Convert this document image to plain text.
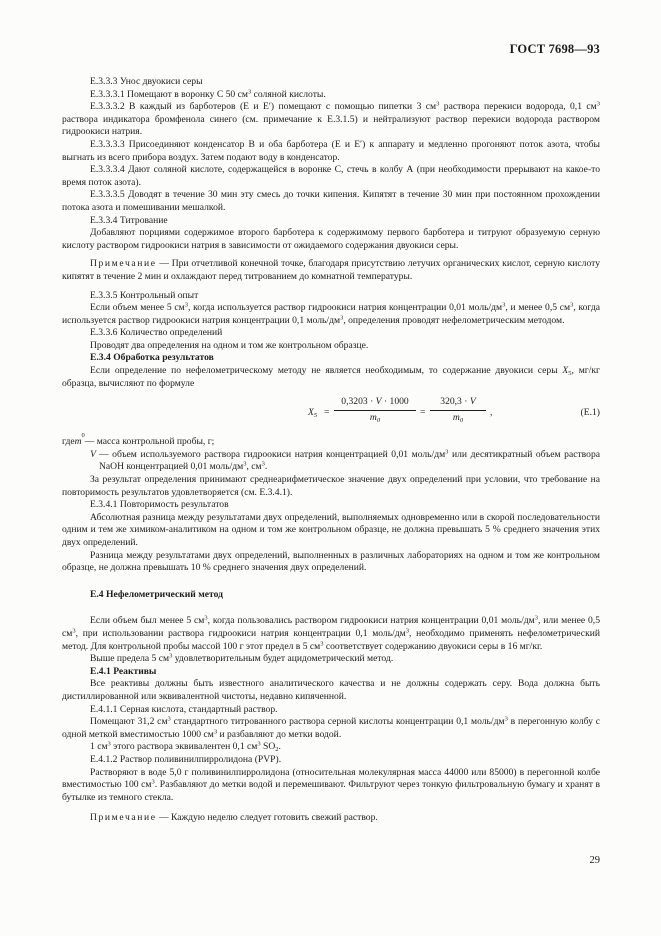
ГОСТ 7698—93

Е.3.3.3 Унос двуокиси серы

Е.3.3.3.1 Помещают в воронку С 50 $см^3$ соляной кислоты.

Е.3.3.3.2 В каждый из барботеров (Е и Е′) помещают с помощью пипетки 3 $см^3$ раствора перекиси водорода, 0,1 $см^3$ раствора индикатора бромфенола синего (см. примечание к Е.3.1.5) и нейтрализуют раствор перекиси водорода раствором гидроокиси натрия.

Е.3.3.3.3 Присоединяют конденсатор В и оба барботера (Е и Е′) к аппарату и медленно прогоняют поток азота, чтобы выгнать из всего прибора воздух. Затем подают воду в конденсатор.

Е.3.3.3.4 Дают соляной кислоте, содержащейся в воронке С, стечь в колбу А (при необходимости прерывают на какое-то время поток азота).

Е.3.3.3.5 Доводят в течение 30 мин эту смесь до точки кипения. Кипятят в течение 30 мин при постоянном прохождении потока азота и помешивании мешалкой.

Е.3.3.4 Титрование

Добавляют порциями содержимое второго барботера к содержимому первого барботера и титруют образуемую серную кислоту раствором гидроокиси натрия в зависимости от ожидаемого содержания двуокиси серы.

Примечание — При отчетливой конечной точке, благодаря присутствию летучих органических кислот, серную кислоту кипятят в течение 2 мин и охлаждают перед титрованием до комнатной температуры.

Е.3.3.5 Контрольный опыт

Если объем менее 5 $см^3$, когда используется раствор гидроокиси натрия концентрации 0,01 моль/$дм^3$, и менее 0,5 $см^3$, когда используется раствор гидроокиси натрия концентрации 0,1 моль/$дм^3$, определения проводят нефелометрическим методом.

Е.3.3.6 Количество определений

Проводят два определения на одном и том же контрольном образце.

Е.3.4 Обработка результатов

Если определение по нефелометрическому методу не является необходимым, то содержание двуокиси серы $X_5$, мг/кг образца, вычисляют по формуле

$X_5 = \frac{0,3203 \cdot V \cdot 1000}{m_0} = \frac{320,3 \cdot V}{m_0}$ ,	(Е.1)
где m
0
— масса контрольной пробы, г;
V — объем используемого раствора гидроокиси натрия концентрацией 0,01 моль/$дм^3$ или десятикратный объем раствора NaOH концентрацией 0,01 моль/$дм^3$, $см^3$.

За результат определения принимают среднеарифметическое значение двух определений при условии, что требование на повторимость результатов удовлетворяется (см. Е.3.4.1).

Е.3.4.1 Повторимость результатов

Абсолютная разница между результатами двух определений, выполняемых одновременно или в скорой последовательности одним и тем же химиком-аналитиком на одном и том же контрольном образце, не должна превышать 5 % среднего значения этих двух определений.

Разница между результатами двух определений, выполненных в различных лабораториях на одном и том же контрольном образце, не должна превышать 10 % среднего значения двух определений.

Е.4 Нефелометрический метод

Если объем был менее 5 $см^3$, когда пользовались раствором гидроокиси натрия концентрации 0,01 моль/$дм^3$, или менее 0,5 $см^3$, при использовании раствора гидроокиси натрия концентрации 0,1 моль/$дм^3$, необходимо применять нефелометрический метод. Для контрольной пробы массой 100 г этот предел в 5 $см^3$ соответствует содержанию двуокиси серы в 16 мг/кг.

Выше предела 5 $см^3$ удовлетворительным будет ацидометрический метод.

Е.4.1 Реактивы

Все реактивы должны быть известного аналитического качества и не должны содержать серу. Вода должна быть дистиллированной или эквивалентной чистоты, недавно кипяченной.

Е.4.1.1 Серная кислота, стандартный раствор.

Помещают 31,2 $см^3$ стандартного титрованного раствора серной кислоты концентрации 0,1 моль/$дм^3$ в перегонную колбу с одной меткой вместимостью 1000 $см^3$ и разбавляют до метки водой.

1 $см^3$ этого раствора эквивалентен 0,1 $см^3$ $SO_2$.

Е.4.1.2 Раствор поливинилпирролидона (PVP).

Растворяют в воде 5,0 г поливинилпирролидона (относительная молекулярная масса 44000 или 85000) в перегонной колбе вместимостью 100 $см^3$. Разбавляют до метки водой и перемешивают. Фильтруют через тонкую фильтровальную бумагу и хранят в бутылке из темного стекла.

Примечание — Каждую неделю следует готовить свежий раствор.

29
